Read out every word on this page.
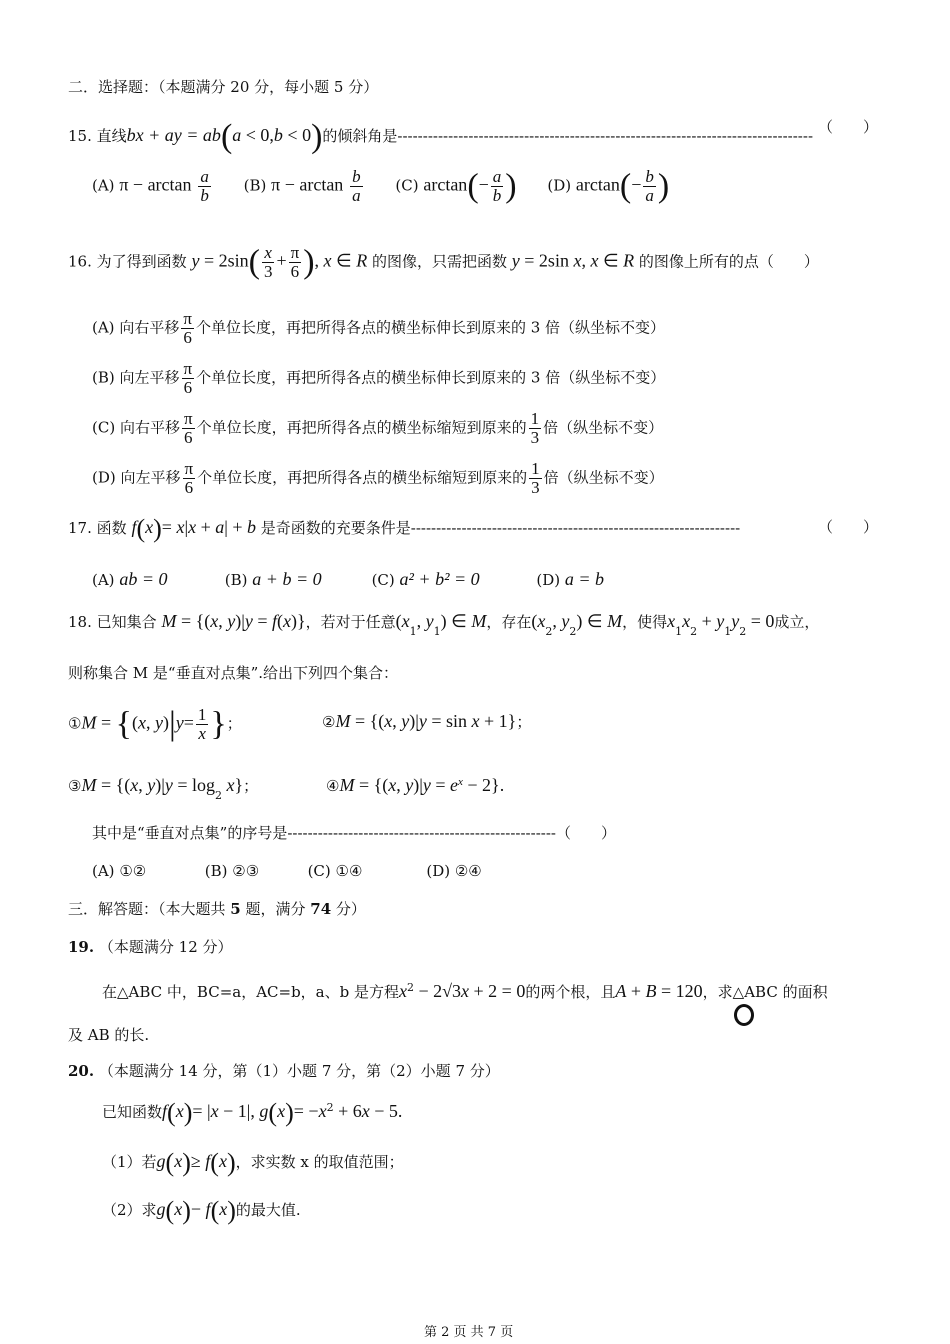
二．选择题：（本题满分 20 分，每小题 5 分）
15. 直线bx + ay = ab(a < 0,b < 0)的倾斜角是---------------------------------------------------------------------------------- （　　）
(A) $\pi - \arctan \frac{a}{b} (B) \pi - \arctan \frac{b}{a} (C)$ $\arctan(- \frac{a}{b}$ ) (D) $\arctan(- \frac{b}{a}$ )
16. 为了得到函数 $y = 2\sin( \frac{x}{3} + \frac{\pi}{6}$ ), x ∈ R 的图像，只需把函数 y = 2sin x, x ∈ R 的图像上所有的点（　　）
(A) 向右平移 $\frac{\pi}{6}$ 个单位长度，再把所得各点的横坐标伸长到原来的 3 倍（纵坐标不变）
(B) 向左平移 $\frac{\pi}{6}$ 个单位长度，再把所得各点的横坐标伸长到原来的 3 倍（纵坐标不变）
(C) 向右平移 $\frac{\pi}{6}$ 个单位长度，再把所得各点的横坐标缩短到原来的 $\frac{1}{3}$ 倍（纵坐标不变）
(D) 向左平移 $\frac{\pi}{6}$ 个单位长度，再把所得各点的横坐标缩短到原来的 $\frac{1}{3}$ 倍（纵坐标不变）
17. 函数 f(x)= x|x + a| + b 是奇函数的充要条件是-----------------------------------------------------------------	（　　）
(A) ab = 0	(B) a + b = 0	(C) a² + b² = 0	(D) a = b
18. 已知集合 M = {(x, y)|y = f(x)}，若对于任意($x_1$, $y_1$) ∈ M，存在($x_2$, $y_2$) ∈ M，使得$x_1x_2 + y_1y_2 = 0$成立，
则称集合 M 是“垂直对点集”.给出下列四个集合：
①M = {(x, $y)|y= \frac{1}{x}$ }；	②M = {(x, y)|y = sin x + 1}；
③M = {(x, $y)|y = \log_2 x$}；	④M = {(x, $y)|y = e^x - 2$}.
其中是“垂直对点集”的序号是-----------------------------------------------------（　　）
(A) ①②	(B) ②③	(C) ①④	(D) ②④
三．解答题：（本大题共 5 题，满分 74 分）
19. （本题满分 12 分）
在△ABC 中，BC=a，AC=b，a、b 是方程$x^2 - 2√3x + 2 = 0$的两个根，且A + B = 120，求△ABC 的面积
及 AB 的长.
20. （本题满分 14 分，第（1）小题 7 分，第（2）小题 7 分）
已知函数f(x)= |x − 1|, $g(x)= -x^2 + 6x - 5$.
（1）若g(x)≥ f(x)，求实数 x 的取值范围；
（2）求g(x)− f(x)的最大值.
第 2 页 共 7 页
